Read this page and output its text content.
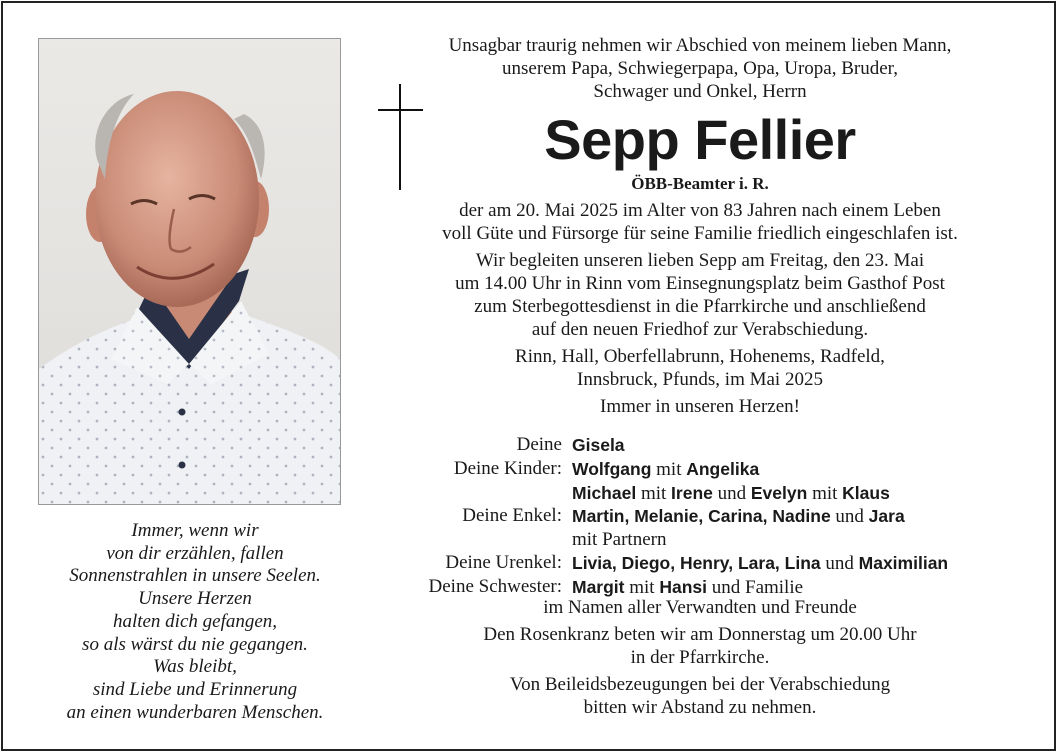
Immer, wenn wir
von dir erzählen, fallen
Sonnenstrahlen in unsere Seelen.
Unsere Herzen
halten dich gefangen,
so als wärst du nie gegangen.
Was bleibt,
sind Liebe und Erinnerung
an einen wunderbaren Menschen.
Unsagbar traurig nehmen wir Abschied von meinem lieben Mann,
unserem Papa, Schwiegerpapa, Opa, Uropa, Bruder,
Schwager und Onkel, Herrn
Sepp Fellier
ÖBB-Beamter i. R.
der am 20. Mai 2025 im Alter von 83 Jahren nach einem Leben
voll Güte und Fürsorge für seine Familie friedlich eingeschlafen ist.
Wir begleiten unseren lieben Sepp am Freitag, den 23. Mai
um 14.00 Uhr in Rinn vom Einsegnungsplatz beim Gasthof Post
zum Sterbegottesdienst in die Pfarrkirche und anschließend
auf den neuen Friedhof zur Verabschiedung.
Rinn, Hall, Oberfellabrunn, Hohenems, Radfeld,
Innsbruck, Pfunds, im Mai 2025
Immer in unseren Herzen!
Deine Gisela
Deine Kinder: Wolfgang mit Angelika
Michael mit Irene und Evelyn mit Klaus
Deine Enkel: Martin, Melanie, Carina, Nadine und Jara
mit Partnern
Deine Urenkel: Livia, Diego, Henry, Lara, Lina und Maximilian
Deine Schwester: Margit mit Hansi und Familie
im Namen aller Verwandten und Freunde
Den Rosenkranz beten wir am Donnerstag um 20.00 Uhr
in der Pfarrkirche.
Von Beileidsbezeugungen bei der Verabschiedung
bitten wir Abstand zu nehmen.
